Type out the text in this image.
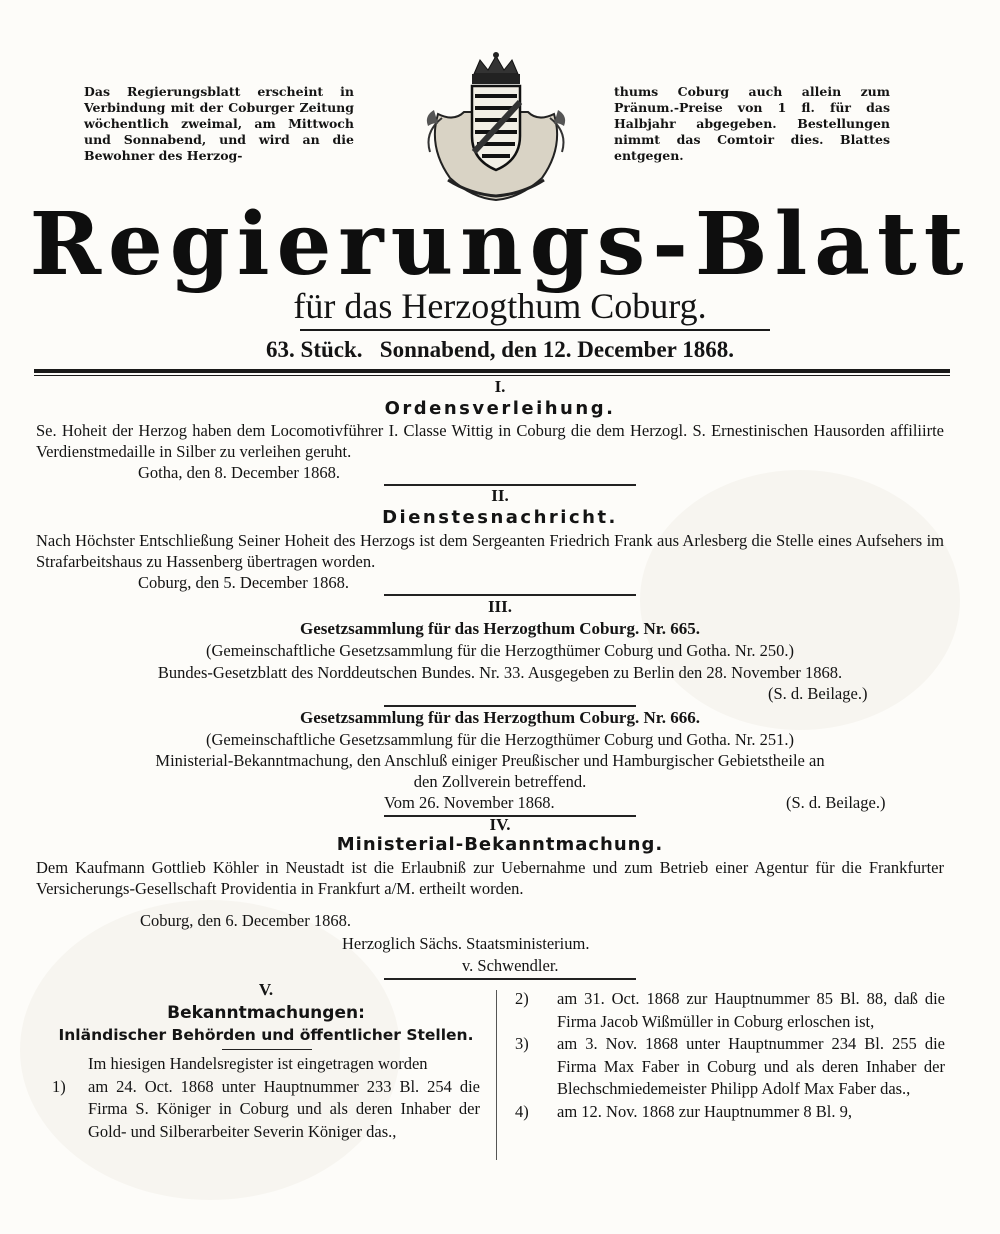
Das Regierungsblatt erscheint in Verbindung mit der Coburger Zeitung wöchentlich zweimal, am Mittwoch und Sonnabend, und wird an die Bewohner des Herzog-
thums Coburg auch allein zum Pränum.-Preise von 1 fl. für das Halbjahr abgegeben. Bestellungen nimmt das Comtoir dies. Blattes entgegen.
Regierungs-Blatt
für das Herzogthum Coburg.
63. Stück. Sonnabend, den 12. December 1868.
I.
Ordensverleihung.
Se. Hoheit der Herzog haben dem Locomotivführer I. Classe Wittig in Coburg die dem Herzogl. S. Ernestinischen Hausorden affiliirte Verdienstmedaille in Silber zu verleihen geruht.
Gotha, den 8. December 1868.
II.
Dienstesnachricht.
Nach Höchster Entschließung Seiner Hoheit des Herzogs ist dem Sergeanten Friedrich Frank aus Arlesberg die Stelle eines Aufsehers im Strafarbeitshaus zu Hassenberg übertragen worden.
Coburg, den 5. December 1868.
III.
Gesetzsammlung für das Herzogthum Coburg. Nr. 665.
(Gemeinschaftliche Gesetzsammlung für die Herzogthümer Coburg und Gotha. Nr. 250.)
Bundes-Gesetzblatt des Norddeutschen Bundes. Nr. 33. Ausgegeben zu Berlin den 28. November 1868.
(S. d. Beilage.)
Gesetzsammlung für das Herzogthum Coburg. Nr. 666.
(Gemeinschaftliche Gesetzsammlung für die Herzogthümer Coburg und Gotha. Nr. 251.)
Ministerial-Bekanntmachung, den Anschluß einiger Preußischer und Hamburgischer Gebietstheile an
den Zollverein betreffend.
Vom 26. November 1868.	(S. d. Beilage.)
IV.
Ministerial-Bekanntmachung.
Dem Kaufmann Gottlieb Köhler in Neustadt ist die Erlaubniß zur Uebernahme und zum Betrieb einer Agentur für die Frankfurter Versicherungs-Gesellschaft Providentia in Frankfurt a/M. ertheilt worden.
Coburg, den 6. December 1868.
Herzoglich Sächs. Staatsministerium.
v. Schwendler.
V.
Bekanntmachungen:
Inländischer Behörden und öffentlicher Stellen.
Im hiesigen Handelsregister ist eingetragen worden
1) am 24. Oct. 1868 unter Hauptnummer 233 Bl. 254 die Firma S. Königer in Coburg und als deren Inhaber der Gold- und Silberarbeiter Severin Königer das.,
2) am 31. Oct. 1868 zur Hauptnummer 85 Bl. 88, daß die Firma Jacob Wißmüller in Coburg erloschen ist,
3) am 3. Nov. 1868 unter Hauptnummer 234 Bl. 255 die Firma Max Faber in Coburg und als deren Inhaber der Blechschmiedemeister Philipp Adolf Max Faber das.,
4) am 12. Nov. 1868 zur Hauptnummer 8 Bl. 9,
